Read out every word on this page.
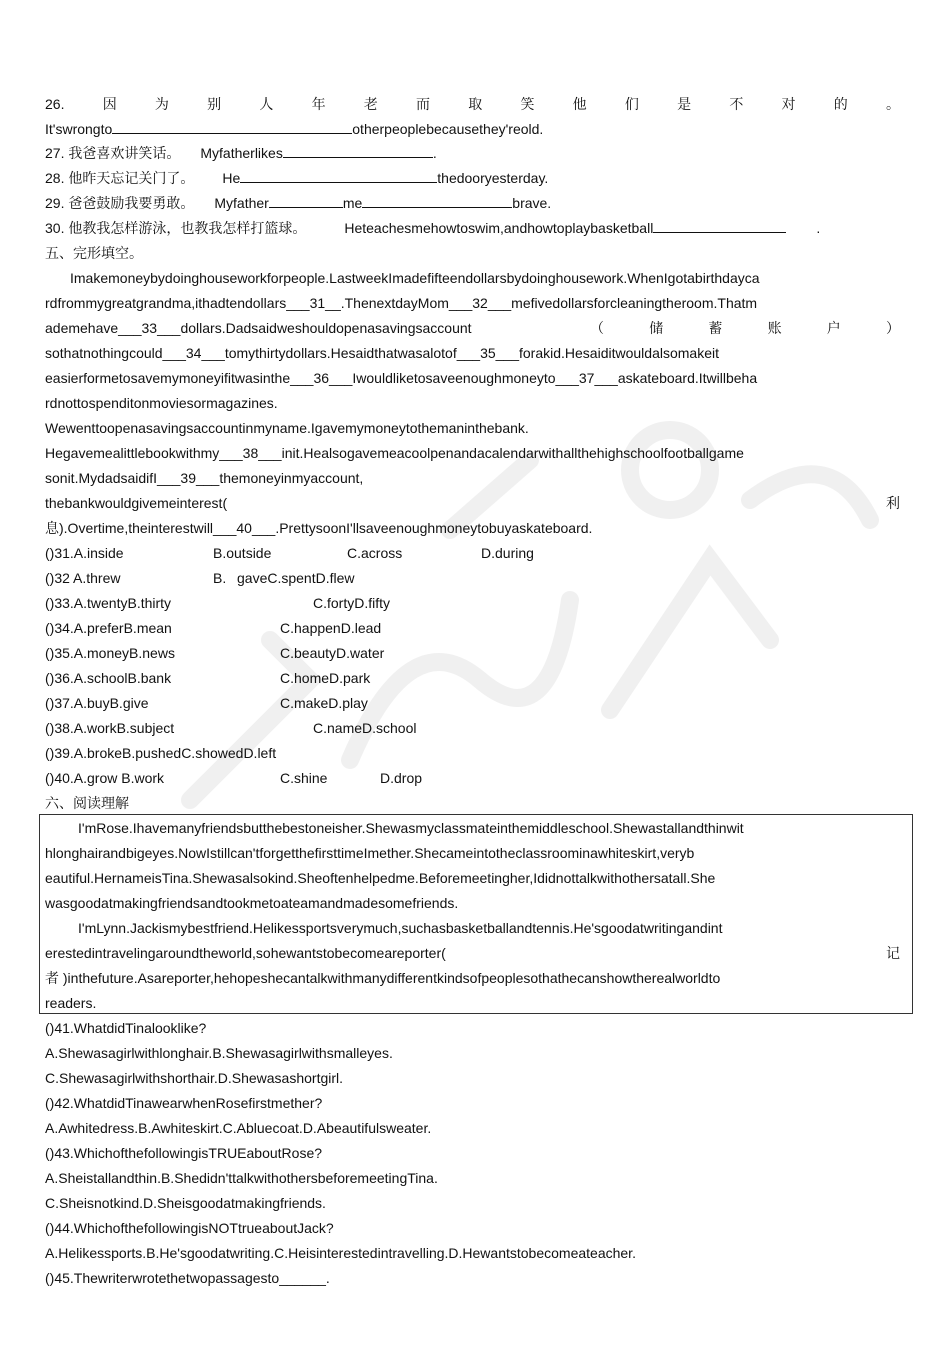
26.	因	为	别	人	年	老	而	取	笑	他	们	是	不	对	的	。
It'swrongto	otherpeoplebecausethey'reold.
27. 我爸喜欢讲笑话。 Myfatherlikes	.
28. 他昨天忘记关门了。 He	thedooryesterday.
29. 爸爸鼓励我要勇敢。 Myfather	me	brave.
30. 他教我怎样游泳，也教我怎样打篮球。	Heteachesmehowtoswim,andhowtoplaybasketball	.
五、完形填空。
Imakemoneybydoinghouseworkforpeople.LastweekImadefifteendollarsbydoinghousework.WhenIgotabirthdayca
rdfrommygreatgrandma,ithadtendollars___31__.ThenextdayMom___32___mefivedollarsforcleaningtheroom.Thatm
ademehave___33___dollars.Dadsaidweshouldopenasavingsaccount	（	储	蓄	账	户	）
sothatnothingcould___34___tomythirtydollars.Hesaidthatwasalotof___35___forakid.Hesaiditwouldalsomakeit
easierformetosavemymoneyifitwasinthe___36___Iwouldliketosaveenoughmoneyto___37___askateboard.Itwillbeha
rdnottospenditonmoviesormagazines.
Wewenttoopenasavingsaccountinmyname.Igavemymoneytothemaninthebank.
Hegavemealittlebookwithmy___38___init.Healsogavemeacoolpenandacalendarwithallthehighschoolfootballgame
sonit.MydadsaidifI___39___themoneyinmyaccount,
thebankwouldgivemeinterest(	利
息).Overtime,theinterestwill___40___.PrettysoonI'llsaveenoughmoneytobuyaskateboard.
()31.A.inside	B.outside	C.across	D.during
()32 A.threw	B. gaveC.spentD.flew
()33.A.twentyB.thirty	C.fortyD.fifty
()34.A.preferB.mean	C.happenD.lead
()35.A.moneyB.news	C.beautyD.water
()36.A.schoolB.bank	C.homeD.park
()37.A.buyB.give	C.makeD.play
()38.A.workB.subject	C.nameD.school
()39.A.brokeB.pushedC.showedD.left
()40.A.grow B.work	C.shine	D.drop
六、阅读理解
I'mRose.Ihavemanyfriendsbutthebestoneisher.Shewasmyclassmateinthemiddleschool.Shewastallandthinwit
hlonghairandbigeyes.NowIstillcan'tforgetthefirsttimeImether.Shecameintotheclassroominawhiteskirt,veryb
eautiful.HernameisTina.Shewasalsokind.Sheoftenhelpedme.Beforemeetingher,Ididnottalkwithothersatall.She
wasgoodatmakingfriendsandtookmetoateamandmadesomefriends.
I'mLynn.Jackismybestfriend.Helikessportsverymuch,suchasbasketballandtennis.He'sgoodatwritingandint
erestedintravelingaroundtheworld,sohewantstobecomeareporter(	记
者 )inthefuture.Asareporter,hehopeshecantalkwithmanydifferentkindsofpeoplesothathecanshowtherealworldto
readers.
()41.WhatdidTinalooklike?
A.Shewasagirlwithlonghair.B.Shewasagirlwithsmalleyes.
C.Shewasagirlwithshorthair.D.Shewasashortgirl.
()42.WhatdidTinawearwhenRosefirstmether?
A.Awhitedress.B.Awhiteskirt.C.Abluecoat.D.Abeautifulsweater.
()43.WhichofthefollowingisTRUEaboutRose?
A.Sheistallandthin.B.Shedidn'ttalkwithothersbeforemeetingTina.
C.Sheisnotkind.D.Sheisgoodatmakingfriends.
()44.WhichofthefollowingisNOTtrueaboutJack?
A.Helikessports.B.He'sgoodatwriting.C.Heisinterestedintravelling.D.Hewantstobecomeateacher.
()45.Thewriterwrotethetwopassagesto______.
